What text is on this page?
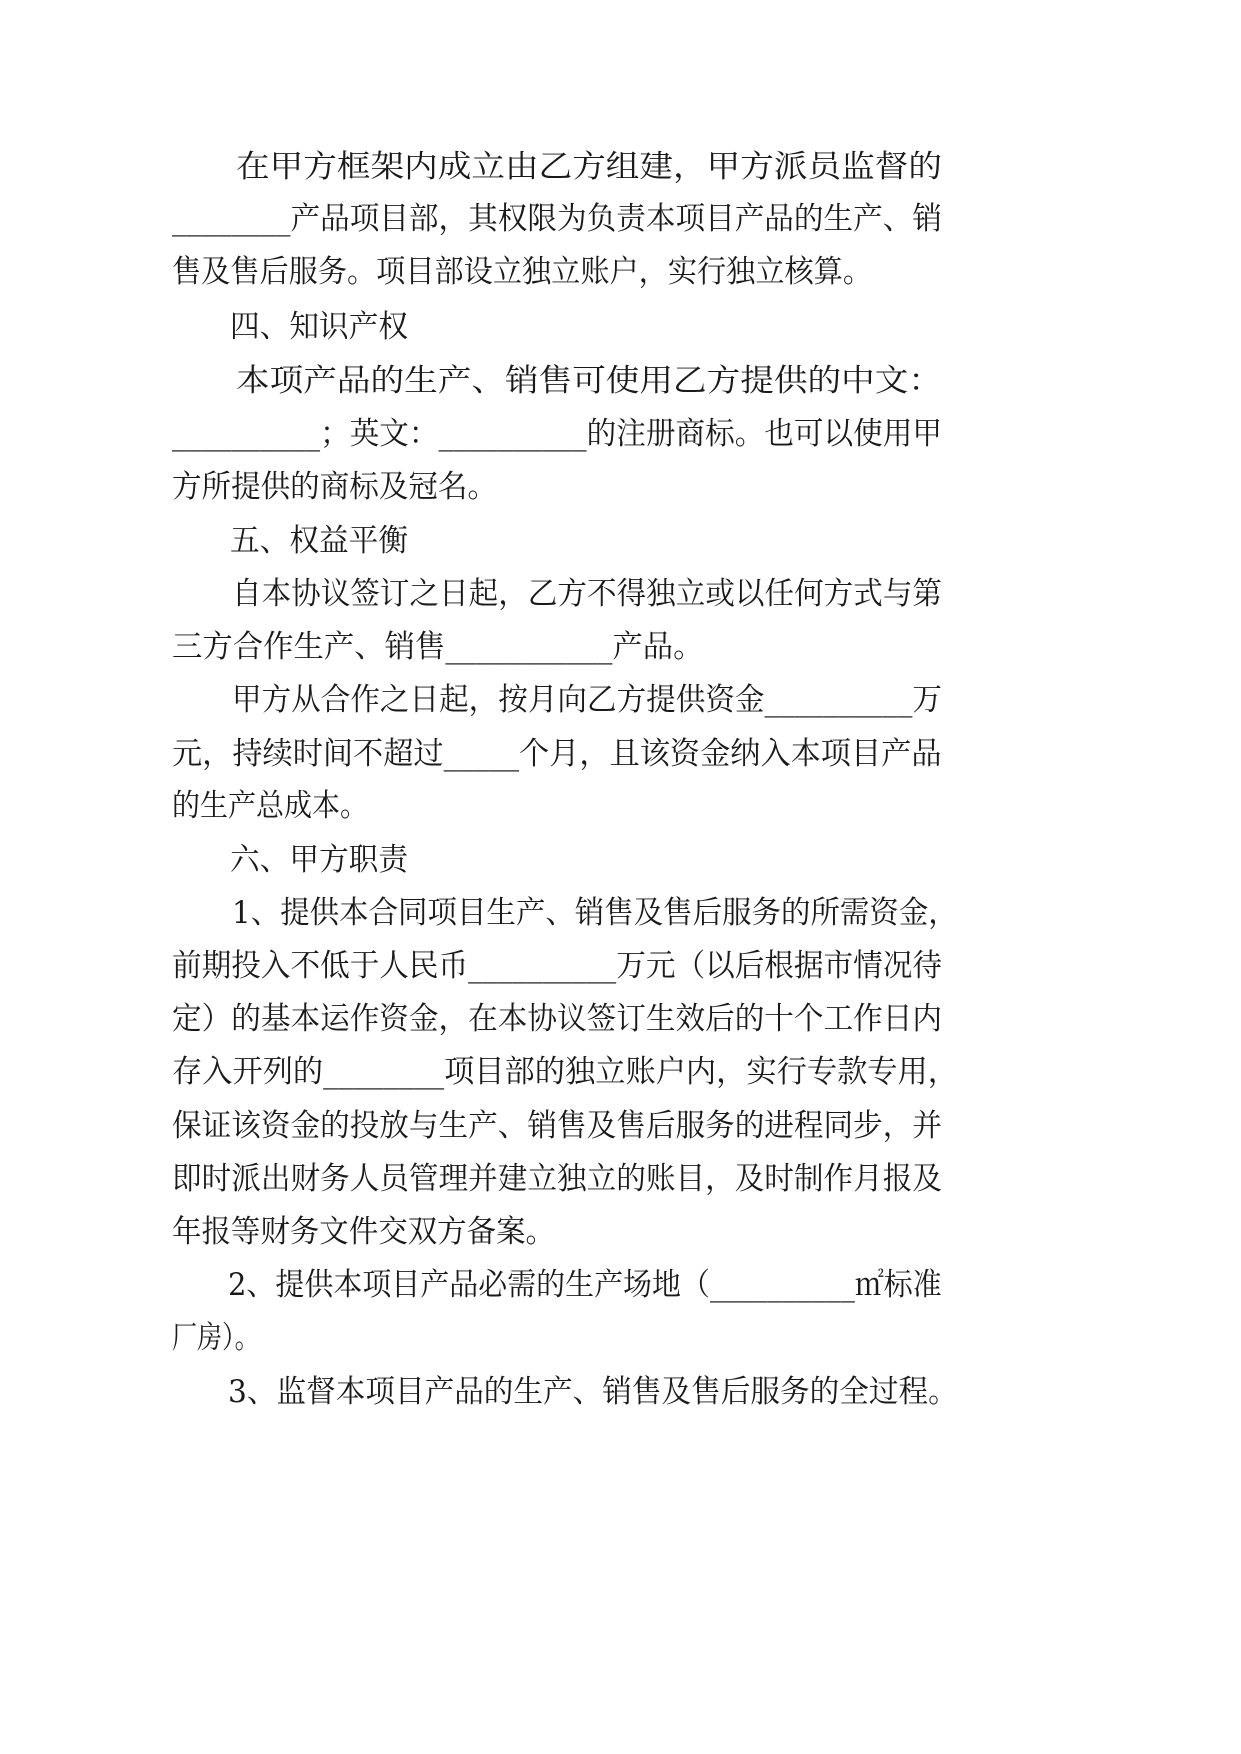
在甲方框架内成立由乙方组建，甲方派员监督的
________产品项目部，其权限为负责本项目产品的生产、销
售及售后服务。项目部设立独立账户，实行独立核算。
四、知识产权
本项产品的生产、销售可使用乙方提供的中文：
__________；英文：__________的注册商标。也可以使用甲
方所提供的商标及冠名。
五、权益平衡
自本协议签订之日起，乙方不得独立或以任何方式与第
三方合作生产、销售___________产品。
甲方从合作之日起，按月向乙方提供资金__________万
元，持续时间不超过_____个月，且该资金纳入本项目产品
的生产总成本。
六、甲方职责
1、提供本合同项目生产、销售及售后服务的所需资金，
前期投入不低于人民币__________万元（以后根据市情况待
定）的基本运作资金，在本协议签订生效后的十个工作日内
存入开列的________项目部的独立账户内，实行专款专用，
保证该资金的投放与生产、销售及售后服务的进程同步，并
即时派出财务人员管理并建立独立的账目，及时制作月报及
年报等财务文件交双方备案。
2、提供本项目产品必需的生产场地（__________㎡标准
厂房）。
3、监督本项目产品的生产、销售及售后服务的全过程。
